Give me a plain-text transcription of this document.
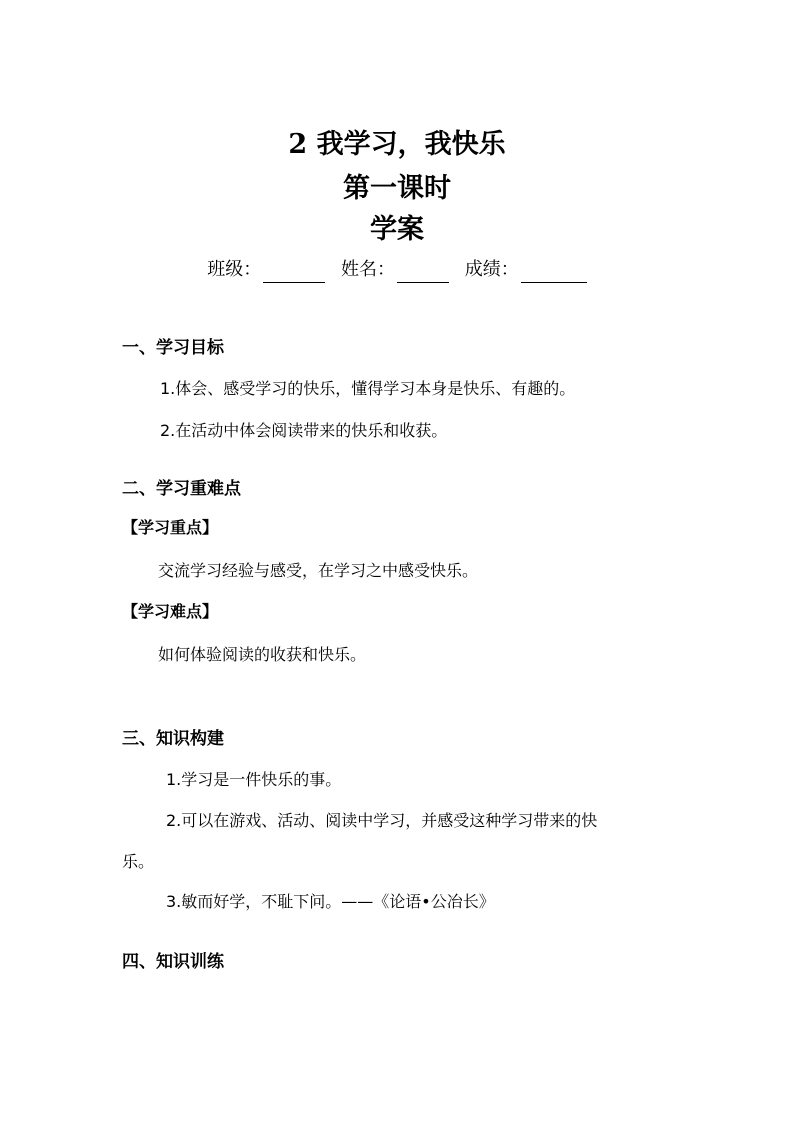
2 我学习，我快乐
第一课时
学案
班级：	姓名：	成绩：
一、学习目标
1.体会、感受学习的快乐，懂得学习本身是快乐、有趣的。
2.在活动中体会阅读带来的快乐和收获。
二、学习重难点
【学习重点】
交流学习经验与感受，在学习之中感受快乐。
【学习难点】
如何体验阅读的收获和快乐。
三、知识构建
1.学习是一件快乐的事。
2.可以在游戏、活动、阅读中学习，并感受这种学习带来的快
乐。
3.敏而好学，不耻下问。——《论语•公冶长》
四、知识训练
